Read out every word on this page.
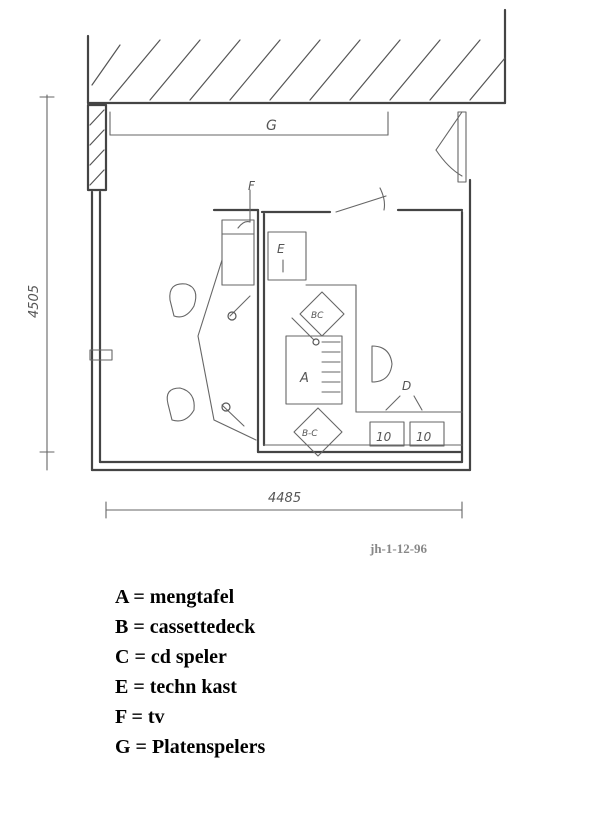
G
F
E
BC
A
B-C
D
10 10
4485
4505
jh-1-12-96
A = mengtafel
B = cassettedeck
C = cd speler
E = techn kast
F = tv
G = Platenspelers
